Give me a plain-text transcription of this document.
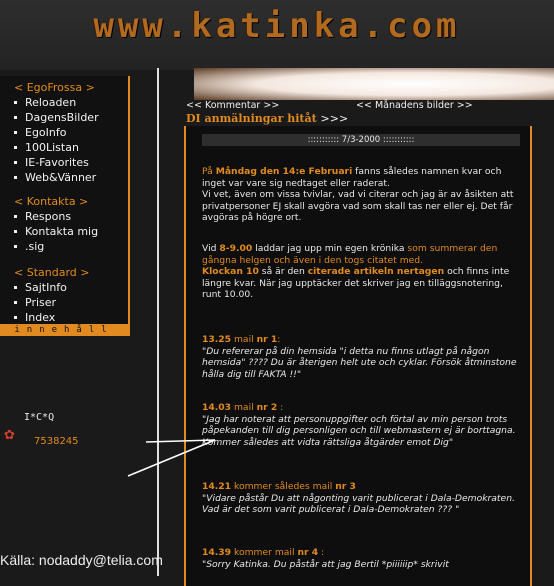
www.katinka.com
< EgoFrossa >
Reloaden
DagensBilder
EgoInfo
100Listan
IE-Favorites
Web&Vänner
< Kontakta >
Respons
Kontakta mig
.sig
< Standard >
SajtInfo
Priser
Index
innehåll
I*C*Q
✿ 7538245
<< Kommentar >>	<< Månadens bilder >>
DI anmälningar hitåt >>>
::::::::::: 7/3-2000 :::::::::::
På Måndag den 14:e Februari fanns således namnen kvar och inget var vare sig nedtaget eller raderat.
Vi vet, även om vissa tvivlar, vad vi citerar och jag är av åsikten att privatpersoner EJ skall avgöra vad som skall tas ner eller ej. Det får avgöras på högre ort.
Vid 8-9.00 laddar jag upp min egen krönika som summerar den gångna helgen och även i den togs citatet med.
Klockan 10 så är den citerade artikeln nertagen och finns inte längre kvar. När jag upptäcker det skriver jag en tilläggsnotering, runt 10.00.
13.25 mail nr 1:
"Du refererar på din hemsida "i detta nu finns utlagt på någon hemsida" ???? Du är återigen helt ute och cyklar. Försök åtminstone hålla dig till FAKTA !!"
14.03 mail nr 2 :
"Jag har noterat att personuppgifter och förtal av min person trots påpekanden till dig personligen och till webmastern ej är borttagna. Kommer således att vidta rättsliga åtgärder emot Dig"
14.21 kommer således mail nr 3
"Vidare påstår Du att någonting varit publicerat i Dala-Demokraten. Vad är det som varit publicerat i Dala-Demokraten ??? "
14.39 kommer mail nr 4 :
"Sorry Katinka. Du påstår att jag Bertil *piiiiiip* skrivit
Källa: nodaddy@telia.com
